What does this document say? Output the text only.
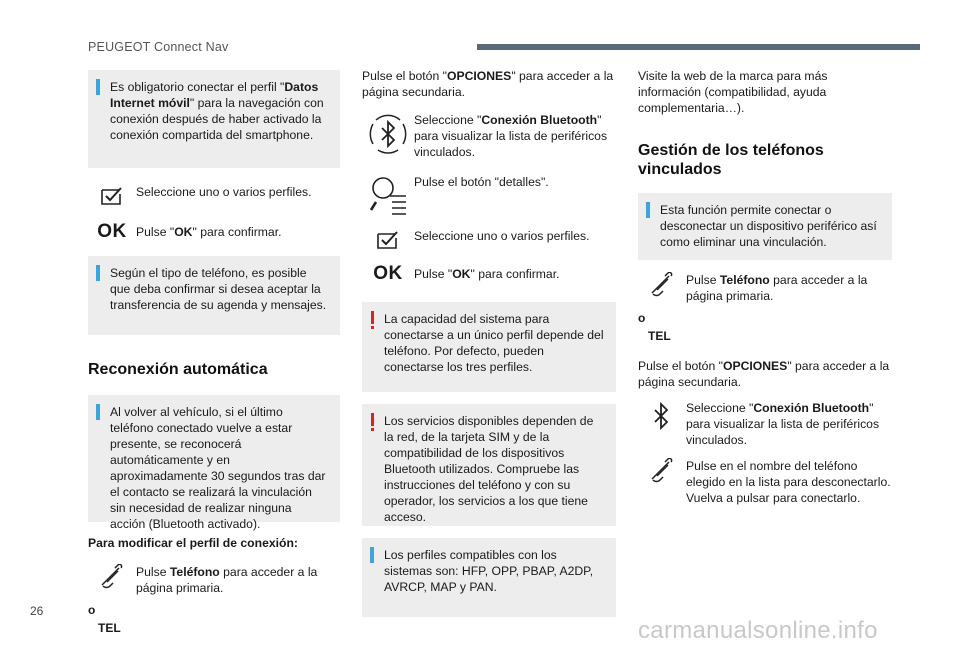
PEUGEOT Connect Nav

Es obligatorio conectar el perfil "Datos Internet móvil" para la navegación con conexión después de haber activado la conexión compartida del smartphone.

Seleccione uno o varios perfiles.
OK Pulse "OK" para confirmar.

Según el tipo de teléfono, es posible que deba confirmar si desea aceptar la transferencia de su agenda y mensajes.

Reconexión automática

Al volver al vehículo, si el último teléfono conectado vuelve a estar presente, se reconocerá automáticamente y en aproximadamente 30 segundos tras dar el contacto se realizará la vinculación sin necesidad de realizar ninguna acción (Bluetooth activado).

Para modificar el perfil de conexión:
Pulse Teléfono para acceder a la página primaria.
o
TEL
Pulse el botón "OPCIONES" para acceder a la página secundaria.
Seleccione "Conexión Bluetooth" para visualizar la lista de periféricos vinculados.
Pulse el botón "detalles".
Seleccione uno o varios perfiles.
OK Pulse "OK" para confirmar.

La capacidad del sistema para conectarse a un único perfil depende del teléfono. Por defecto, pueden conectarse los tres perfiles.

Los servicios disponibles dependen de la red, de la tarjeta SIM y de la compatibilidad de los dispositivos Bluetooth utilizados. Compruebe las instrucciones del teléfono y con su operador, los servicios a los que tiene acceso.

Los perfiles compatibles con los sistemas son: HFP, OPP, PBAP, A2DP, AVRCP, MAP y PAN.

Visite la web de la marca para más información (compatibilidad, ayuda complementaria…).
Gestión de los teléfonos vinculados

Esta función permite conectar o desconectar un dispositivo periférico así como eliminar una vinculación.

Pulse Teléfono para acceder a la página primaria.
o
TEL
Pulse el botón "OPCIONES" para acceder a la página secundaria.
Seleccione "Conexión Bluetooth" para visualizar la lista de periféricos vinculados.
Pulse en el nombre del teléfono elegido en la lista para desconectarlo. Vuelva a pulsar para conectarlo.
26
carmanualsonline.info
